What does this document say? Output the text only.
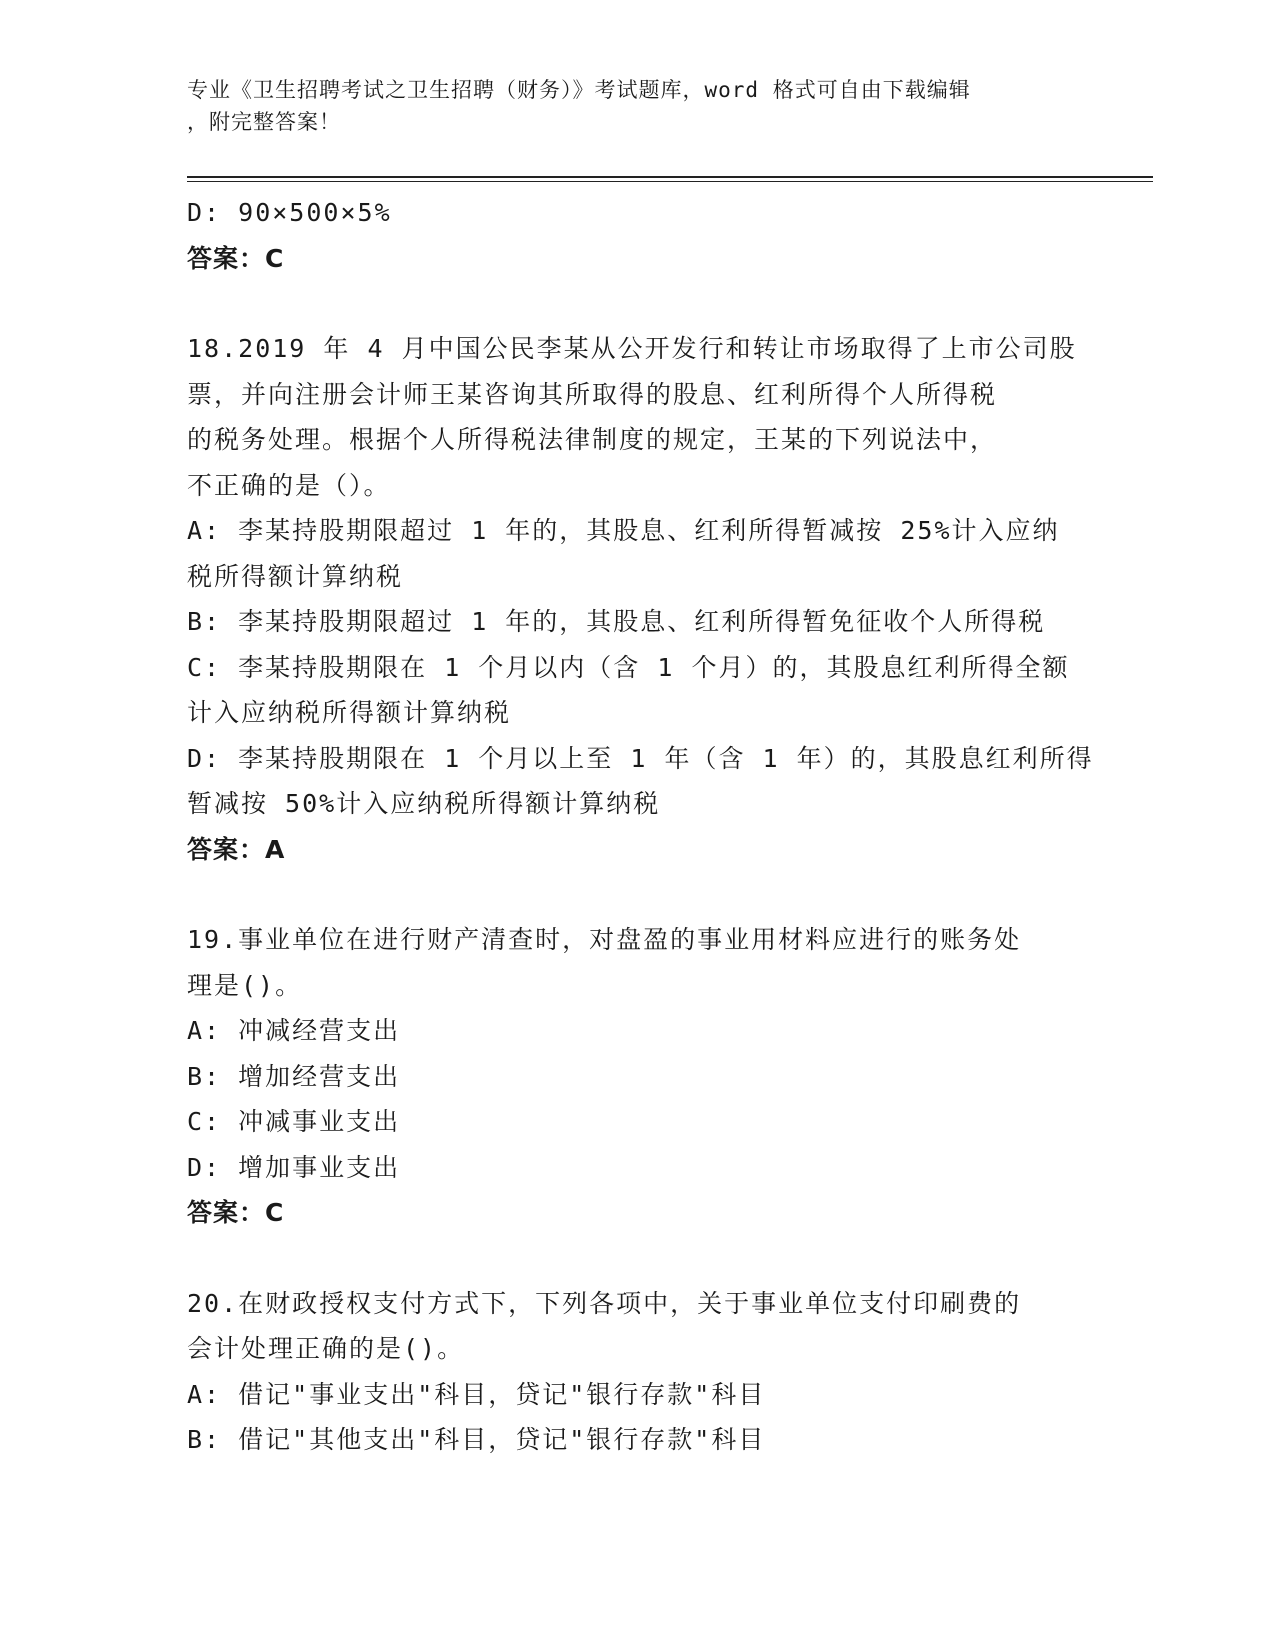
专业《卫生招聘考试之卫生招聘（财务）》考试题库，word 格式可自由下载编辑
，附完整答案！
D: 90×500×5%
答案：C
18.2019 年 4 月中国公民李某从公开发行和转让市场取得了上市公司股
票，并向注册会计师王某咨询其所取得的股息、红利所得个人所得税
的税务处理。根据个人所得税法律制度的规定，王某的下列说法中，
不正确的是（）。
A: 李某持股期限超过 1 年的，其股息、红利所得暂减按 25%计入应纳
税所得额计算纳税
B: 李某持股期限超过 1 年的，其股息、红利所得暂免征收个人所得税
C: 李某持股期限在 1 个月以内（含 1 个月）的，其股息红利所得全额
计入应纳税所得额计算纳税
D: 李某持股期限在 1 个月以上至 1 年（含 1 年）的，其股息红利所得
暂减按 50%计入应纳税所得额计算纳税
答案：A
19.事业单位在进行财产清查时，对盘盈的事业用材料应进行的账务处
理是()。
A: 冲减经营支出
B: 增加经营支出
C: 冲减事业支出
D: 增加事业支出
答案：C
20.在财政授权支付方式下，下列各项中，关于事业单位支付印刷费的
会计处理正确的是()。
A: 借记"事业支出"科目，贷记"银行存款"科目
B: 借记"其他支出"科目，贷记"银行存款"科目
